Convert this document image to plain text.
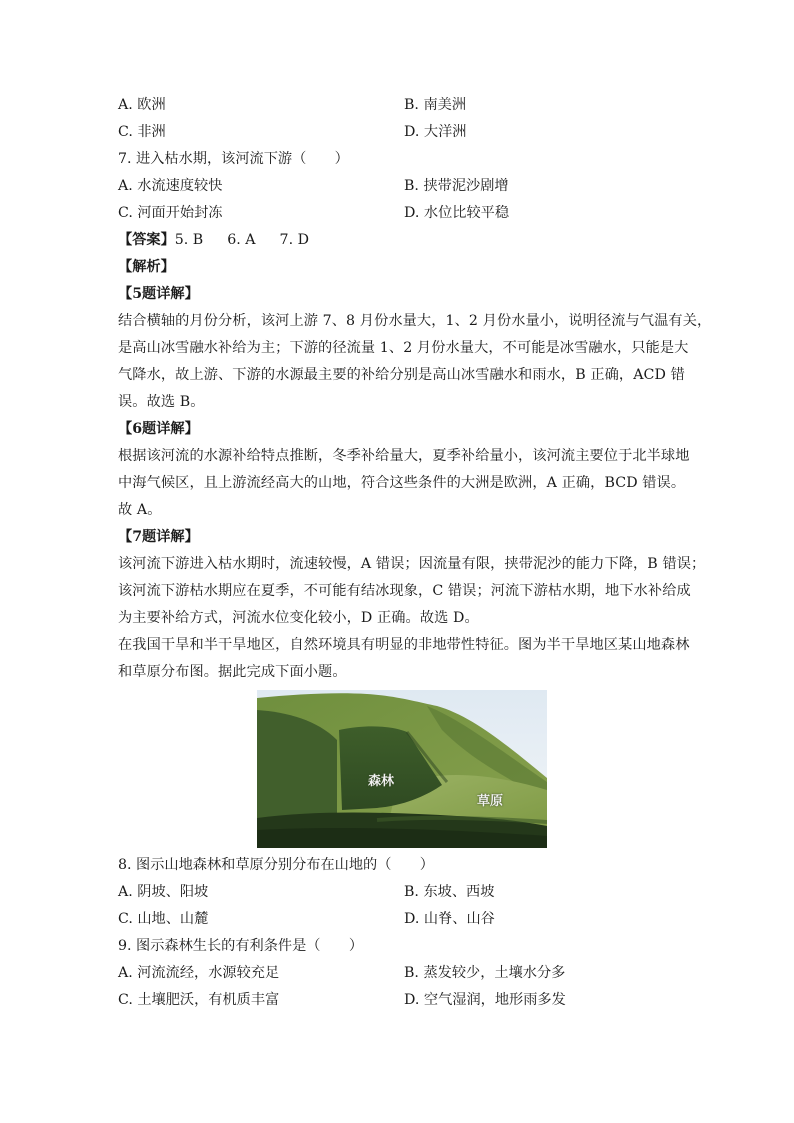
A. 欧洲	B. 南美洲
C. 非洲	D. 大洋洲
7. 进入枯水期，该河流下游（　　）
A. 水流速度较快	B. 挟带泥沙剧增
C. 河面开始封冻	D. 水位比较平稳
【答案】5. B 6. A 7. D
【解析】
【5题详解】
结合横轴的月份分析，该河上游 7、8 月份水量大，1、2 月份水量小，说明径流与气温有关，
是高山冰雪融水补给为主；下游的径流量 1、2 月份水量大，不可能是冰雪融水，只能是大
气降水，故上游、下游的水源最主要的补给分别是高山冰雪融水和雨水，B 正确，ACD 错
误。故选 B。
【6题详解】
根据该河流的水源补给特点推断，冬季补给量大，夏季补给量小，该河流主要位于北半球地
中海气候区，且上游流经高大的山地，符合这些条件的大洲是欧洲，A 正确，BCD 错误。
故 A。
【7题详解】
该河流下游进入枯水期时，流速较慢，A 错误；因流量有限，挟带泥沙的能力下降，B 错误；
该河流下游枯水期应在夏季，不可能有结冰现象，C 错误；河流下游枯水期，地下水补给成
为主要补给方式，河流水位变化较小，D 正确。故选 D。
在我国干旱和半干旱地区，自然环境具有明显的非地带性特征。图为半干旱地区某山地森林
和草原分布图。据此完成下面小题。
森林
草原
8. 图示山地森林和草原分别分布在山地的（　　）
A. 阴坡、阳坡	B. 东坡、西坡
C. 山地、山麓	D. 山脊、山谷
9. 图示森林生长的有利条件是（　　）
A. 河流流经，水源较充足	B. 蒸发较少，土壤水分多
C. 土壤肥沃，有机质丰富	D. 空气湿润，地形雨多发
